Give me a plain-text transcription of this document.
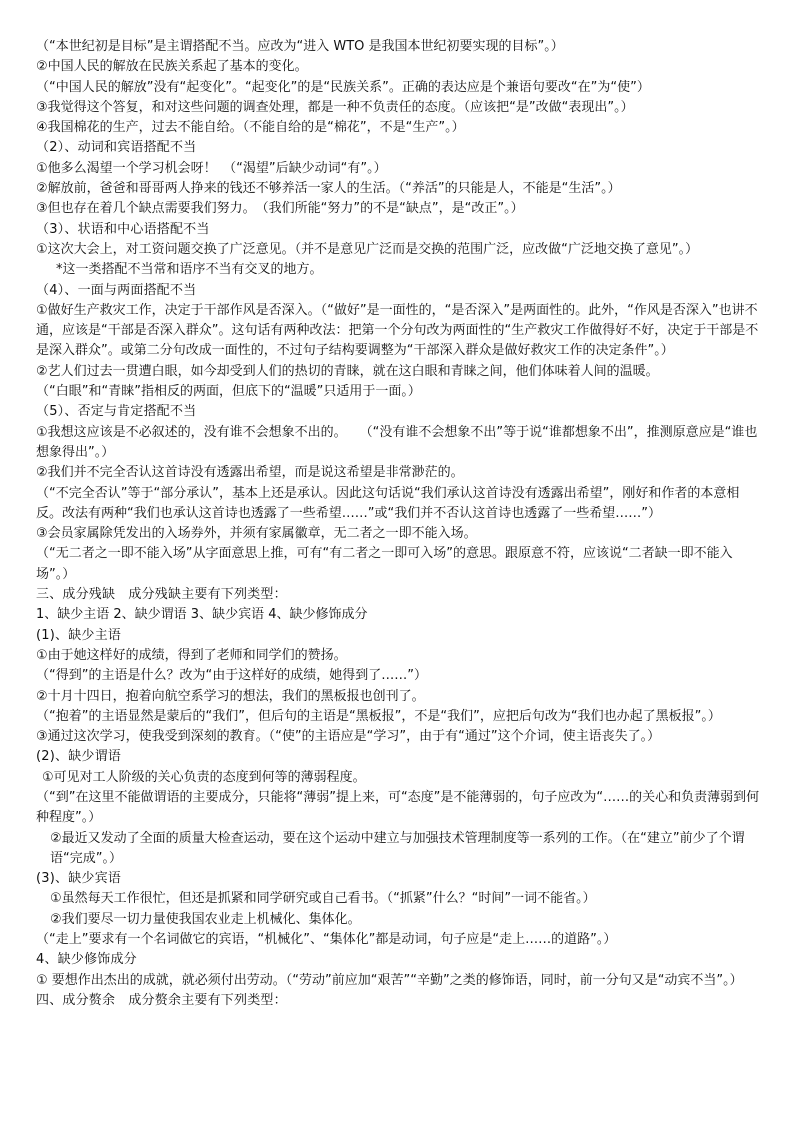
（“本世纪初是目标”是主谓搭配不当。应改为“进入 WTO 是我国本世纪初要实现的目标”。）
②中国人民的解放在民族关系起了基本的变化。
（“中国人民的解放”没有“起变化”。“起变化”的是“民族关系”。正确的表达应是个兼语句要改“在”为“使”）
③我觉得这个答复，和对这些问题的调查处理，都是一种不负责任的态度。（应该把“是”改做“表现出”。）
④我国棉花的生产，过去不能自给。（不能自给的是“棉花”，不是“生产”。）
（2）、动词和宾语搭配不当
①他多么渴望一个学习机会呀！　（“渴望”后缺少动词“有”。）
②解放前，爸爸和哥哥两人挣来的钱还不够养活一家人的生活。（“养活”的只能是人，不能是“生活”。）
③但也存在着几个缺点需要我们努力。　（我们所能“努力”的不是“缺点”，是“改正”。）
（3）、状语和中心语搭配不当
①这次大会上，对工资问题交换了广泛意见。（并不是意见广泛而是交换的范围广泛，应改做“广泛地交换了意见”。）
*这一类搭配不当常和语序不当有交叉的地方。
（4）、一面与两面搭配不当
①做好生产救灾工作，决定于干部作风是否深入。（“做好”是一面性的，“是否深入”是两面性的。此外，“作风是否深入”也讲不通，应该是“干部是否深入群众”。这句话有两种改法：把第一个分句改为两面性的“生产救灾工作做得好不好，决定于干部是不是深入群众”。或第二分句改成一面性的，不过句子结构要调整为“干部深入群众是做好救灾工作的决定条件”。）
②艺人们过去一贯遭白眼，如今却受到人们的热切的青睐，就在这白眼和青睐之间，他们体味着人间的温暖。
（“白眼”和“青睐”指相反的两面，但底下的“温暖”只适用于一面。）
（5）、否定与肯定搭配不当
①我想这应该是不必叙述的，没有谁不会想象不出的。　　（“没有谁不会想象不出”等于说“谁都想象不出”，推测原意应是“谁也想象得出”。）
②我们并不完全否认这首诗没有透露出希望，而是说这希望是非常渺茫的。
（“不完全否认”等于“部分承认”，基本上还是承认。因此这句话说“我们承认这首诗没有透露出希望”，刚好和作者的本意相反。改法有两种“我们也承认这首诗也透露了一些希望……”或“我们并不否认这首诗也透露了一些希望……”）
③会员家属除凭发出的入场券外，并须有家属徽章，无二者之一即不能入场。
（“无二者之一即不能入场”从字面意思上推，可有“有二者之一即可入场”的意思。跟原意不符，应该说“二者缺一即不能入场”。）
三、成分残缺　成分残缺主要有下列类型：
1、缺少主语 2、缺少谓语 3、缺少宾语 4、缺少修饰成分
(1)、缺少主语
①由于她这样好的成绩，得到了老师和同学们的赞扬。
（“得到”的主语是什么？改为“由于这样好的成绩，她得到了……”）
②十月十四日，抱着向航空系学习的想法，我们的黑板报也创刊了。
（“抱着”的主语显然是蒙后的“我们”，但后句的主语是“黑板报”，不是“我们”，应把后句改为“我们也办起了黑板报”。）
③通过这次学习，使我受到深刻的教育。（“使”的主语应是“学习”，由于有“通过”这个介词，使主语丧失了。）
(2)、缺少谓语
①可见对工人阶级的关心负责的态度到何等的薄弱程度。
（“到”在这里不能做谓语的主要成分，只能将“薄弱”提上来，可“态度”是不能薄弱的，句子应改为“……的关心和负责薄弱到何种程度”。）
②最近又发动了全面的质量大检查运动，要在这个运动中建立与加强技术管理制度等一系列的工作。（在“建立”前少了个谓语“完成”。）
(3)、缺少宾语
①虽然每天工作很忙，但还是抓紧和同学研究或自己看书。（“抓紧”什么？“时间”一词不能省。）
②我们要尽一切力量使我国农业走上机械化、集体化。
（“走上”要求有一个名词做它的宾语，“机械化”、“集体化”都是动词，句子应是“走上……的道路”。）
4、缺少修饰成分
① 要想作出杰出的成就，就必须付出劳动。（“劳动”前应加“艰苦”“辛勤”之类的修饰语，同时，前一分句又是“动宾不当”。）
四、成分赘余　成分赘余主要有下列类型：
